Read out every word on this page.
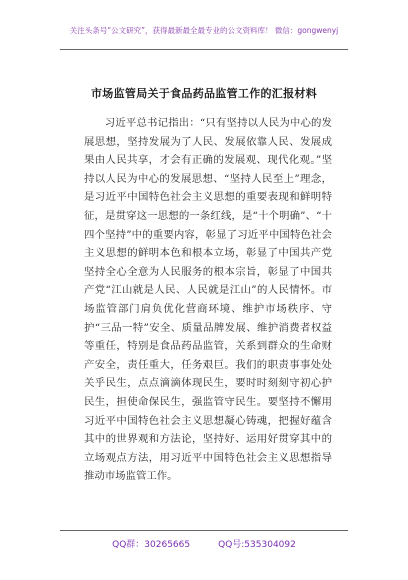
关注头条号“公文研究”，获得最新最全最专业的公文资料库！ 微信：gongwenyj
市场监管局关于食品药品监管工作的汇报材料

习近平总书记指出：“只有坚持以人民为中心的发展思想，坚持发展为了人民、发展依靠人民、发展成果由人民共享，才会有正确的发展观、现代化观。”坚持以人民为中心的发展思想、“坚持人民至上”理念，是习近平中国特色社会主义思想的重要表现和鲜明特征，是贯穿这一思想的一条红线，是“十个明确”、“十四个坚持”中的重要内容，彰显了习近平中国特色社会主义思想的鲜明本色和根本立场，彰显了中国共产党坚持全心全意为人民服务的根本宗旨，彰显了中国共产党“江山就是人民、人民就是江山”的人民情怀。市场监管部门肩负优化营商环境、维护市场秩序、守护“三品一特”安全、质量品牌发展、维护消费者权益等重任，特别是食品药品监管，关系到群众的生命财产安全，责任重大，任务艰巨。我们的职责事事处处关乎民生，点点滴滴体现民生，要时时刻刻守初心护民生，担使命保民生，强监管守民生。要坚持不懈用习近平中国特色社会主义思想凝心铸魂，把握好蕴含其中的世界观和方法论，坚持好、运用好贯穿其中的立场观点方法，用习近平中国特色社会主义思想指导推动市场监管工作。

QQ群：30265665	QQ号:535304092
